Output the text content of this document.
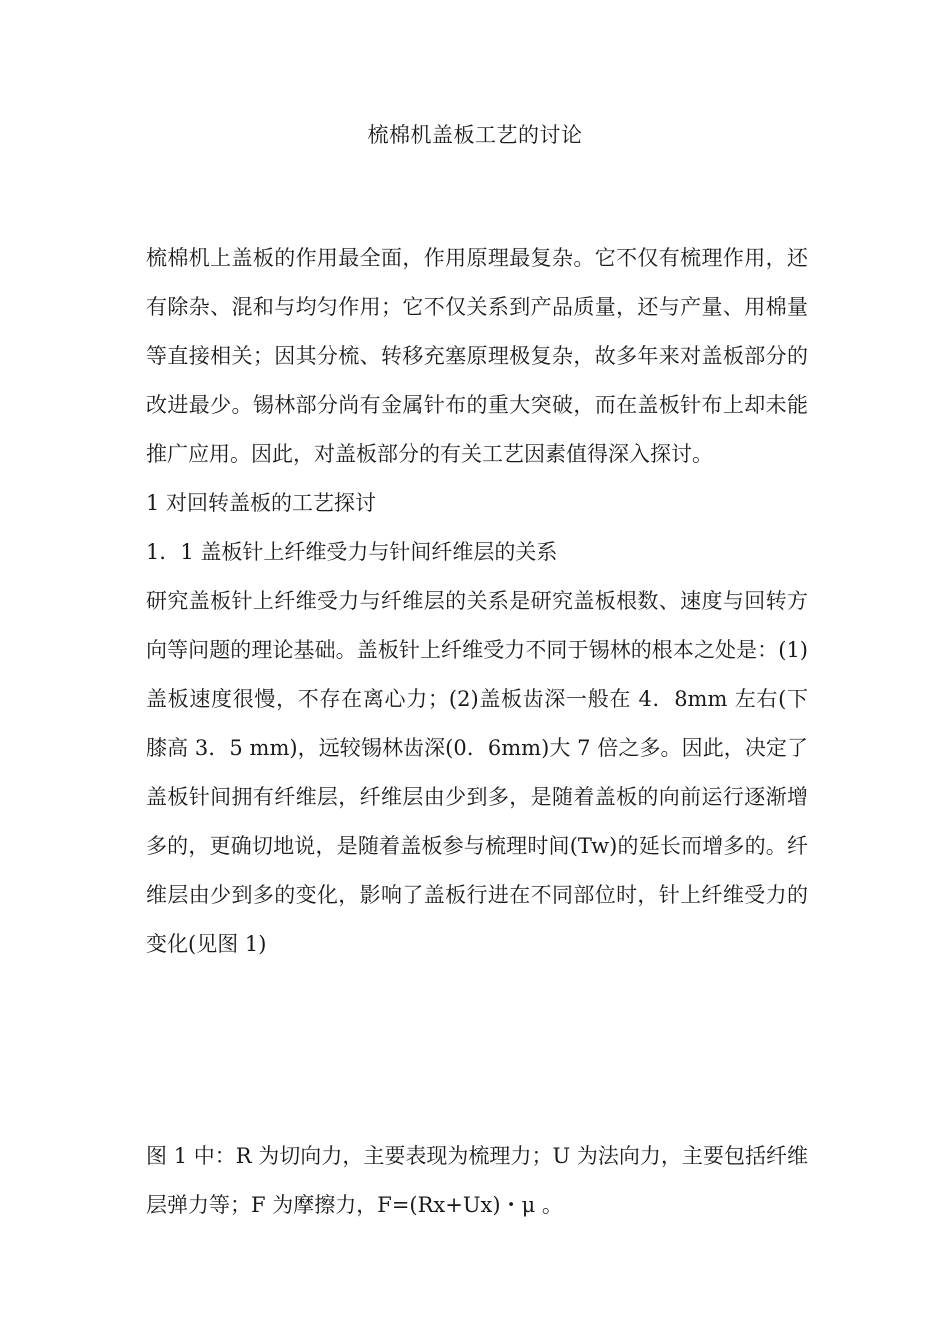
梳棉机盖板工艺的讨论

梳棉机上盖板的作用最全面，作用原理最复杂。它不仅有梳理作用，还有除杂、混和与均匀作用；它不仅关系到产品质量，还与产量、用棉量等直接相关；因其分梳、转移充塞原理极复杂，故多年来对盖板部分的改进最少。锡林部分尚有金属针布的重大突破，而在盖板针布上却未能推广应用。因此，对盖板部分的有关工艺因素值得深入探讨。

1 对回转盖板的工艺探讨

1．1 盖板针上纤维受力与针间纤维层的关系

研究盖板针上纤维受力与纤维层的关系是研究盖板根数、速度与回转方向等问题的理论基础。盖板针上纤维受力不同于锡林的根本之处是：(1)盖板速度很慢，不存在离心力；(2)盖板齿深一般在 4．8mm 左右(下膝高 3．5 mm)，远较锡林齿深(0．6mm)大 7 倍之多。因此，决定了盖板针间拥有纤维层，纤维层由少到多，是随着盖板的向前运行逐渐增多的，更确切地说，是随着盖板参与梳理时间(Tw)的延长而增多的。纤维层由少到多的变化，影响了盖板行进在不同部位时，针上纤维受力的变化(见图 1)

图 1 中：R 为切向力，主要表现为梳理力；U 为法向力，主要包括纤维层弹力等；F 为摩擦力，F=(Rx+Ux)・μ 。
